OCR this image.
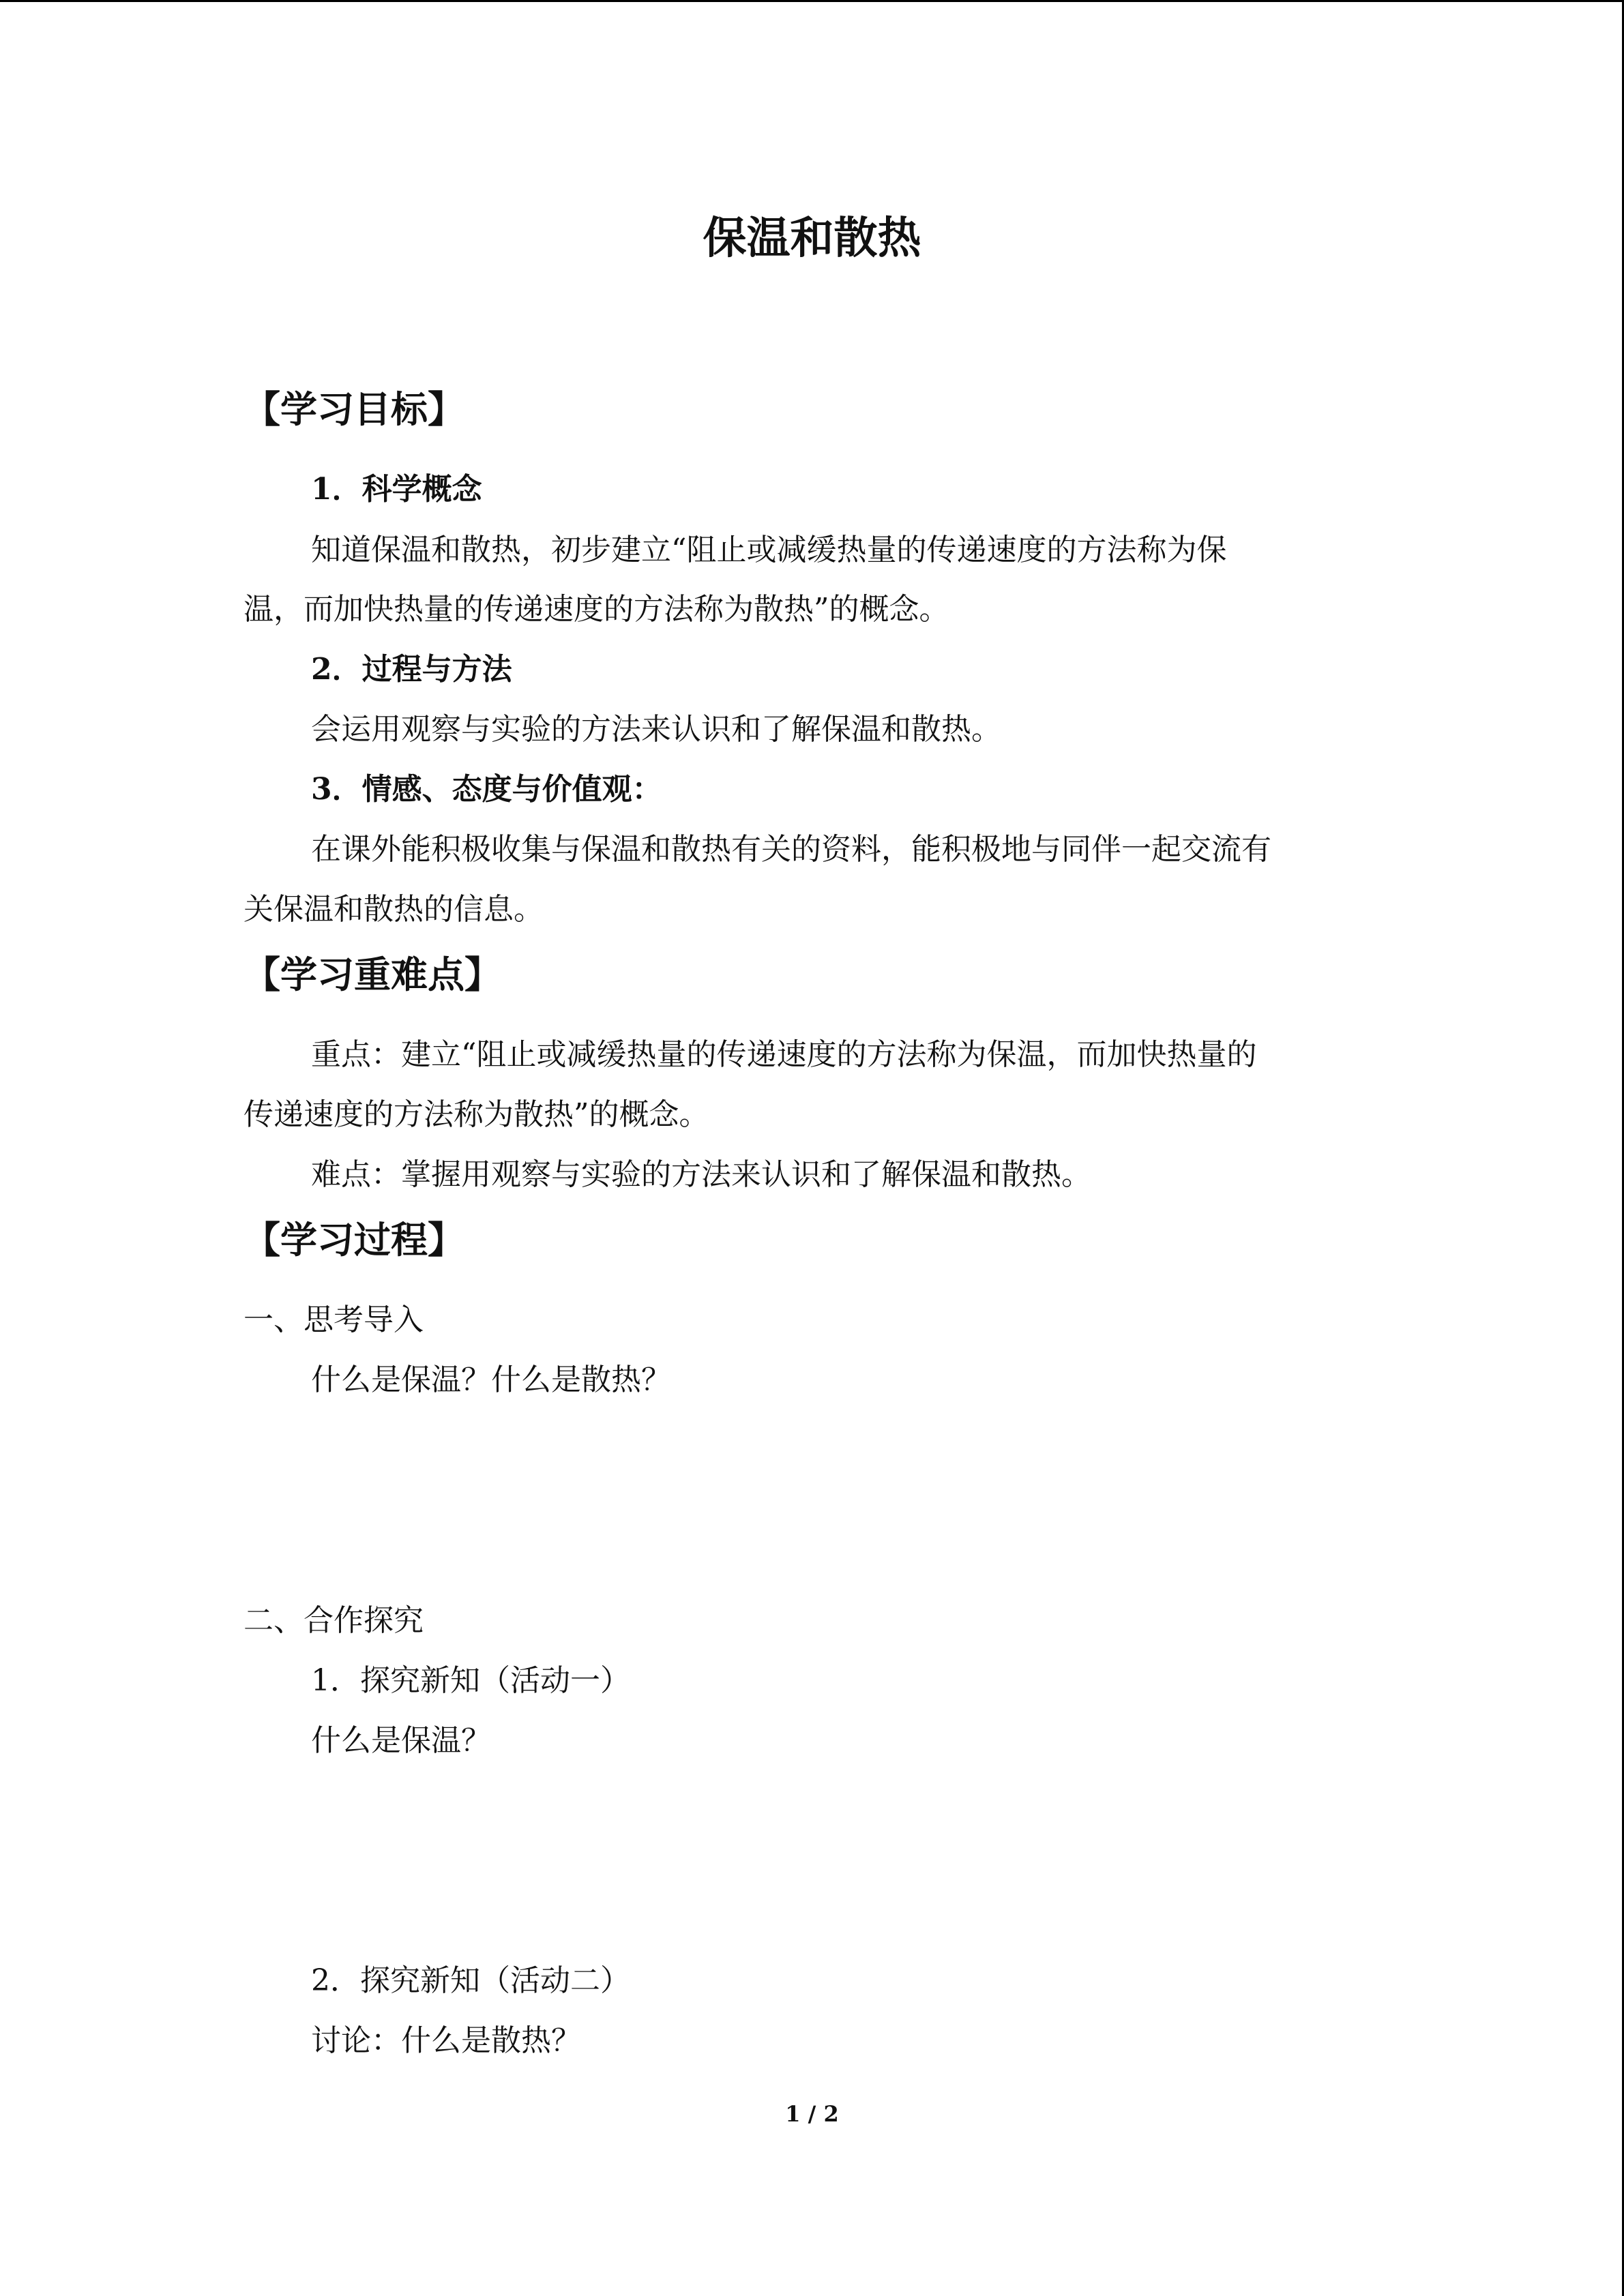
保温和散热
【学习目标】
1．科学概念
知道保温和散热，初步建立“阻止或减缓热量的传递速度的方法称为保
温，而加快热量的传递速度的方法称为散热”的概念。
2．过程与方法
会运用观察与实验的方法来认识和了解保温和散热。
3．情感、态度与价值观：
在课外能积极收集与保温和散热有关的资料，能积极地与同伴一起交流有
关保温和散热的信息。
【学习重难点】
重点：建立“阻止或减缓热量的传递速度的方法称为保温，而加快热量的
传递速度的方法称为散热”的概念。
难点：掌握用观察与实验的方法来认识和了解保温和散热。
【学习过程】
一、思考导入
什么是保温？什么是散热？
二、合作探究
1．探究新知（活动一）
什么是保温？
2．探究新知（活动二）
讨论：什么是散热？
1 / 2
